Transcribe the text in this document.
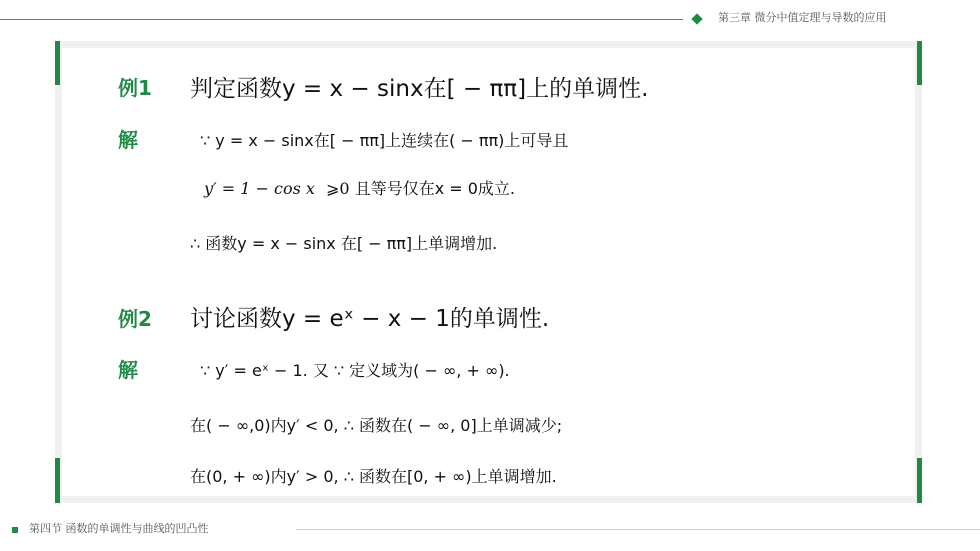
第三章 微分中值定理与导数的应用
例1 判定函数y = x − sinx在[ − ππ]上的单调性.
解	∵ y = x − sinx在[ − ππ]上连续在( − ππ)上可导且
y′ = 1 − cos x ⩾0 且等号仅在x = 0成立.
∴ 函数y = x − sinx 在[ − ππ]上单调增加.
例2 讨论函数y = eˣ − x − 1的单调性.
解	∵ y′ = eˣ − 1. 又 ∵ 定义域为( − ∞, + ∞).
在( − ∞,0)内y′ < 0, ∴ 函数在( − ∞, 0]上单调减少;
在(0, + ∞)内y′ > 0, ∴ 函数在[0, + ∞)上单调增加.
第四节 函数的单调性与曲线的凹凸性
